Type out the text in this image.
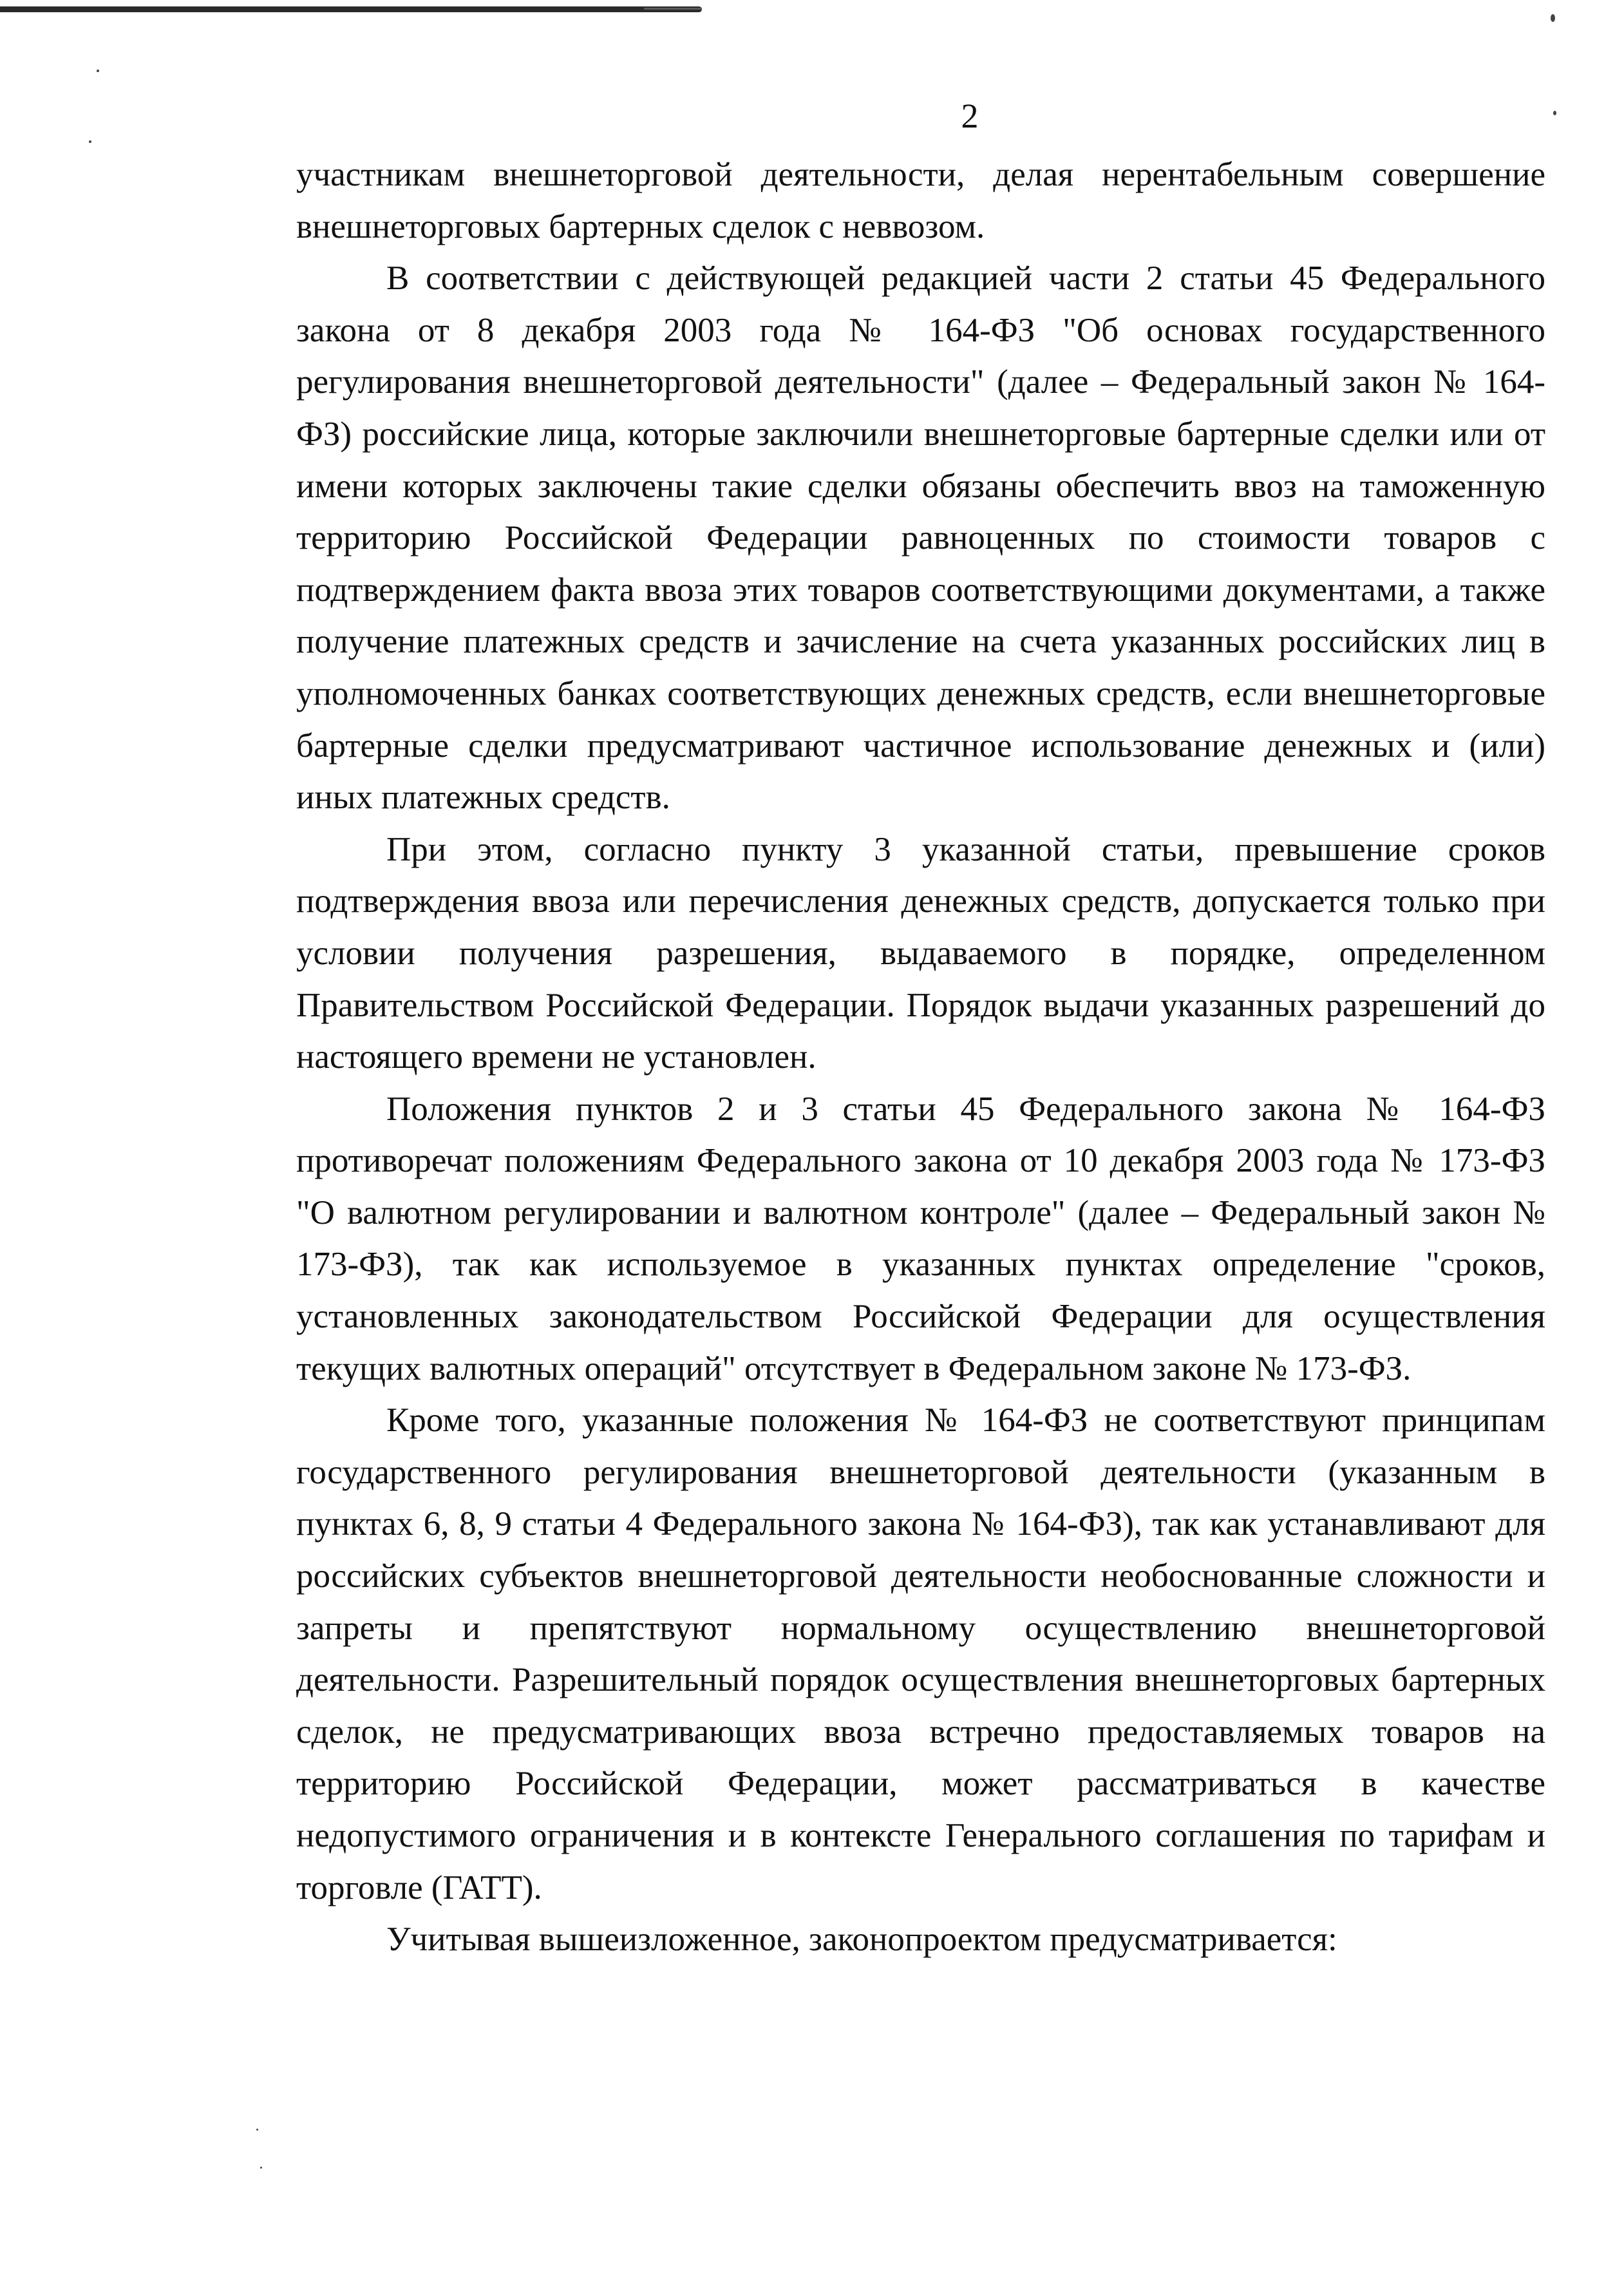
2

участникам внешнеторговой деятельности, делая нерентабельным совершение внешнеторговых бартерных сделок с неввозом.

В соответствии с действующей редакцией части 2 статьи 45 Федерального закона от 8 декабря 2003 года № 164-ФЗ "Об основах государственного регулирования внешнеторговой деятельности" (далее – Федеральный закон № 164-ФЗ) российские лица, которые заключили внешнеторговые бартерные сделки или от имени которых заключены такие сделки обязаны обеспечить ввоз на таможенную территорию Российской Федерации равноценных по стоимости товаров с подтверждением факта ввоза этих товаров соответствующими документами, а также получение платежных средств и зачисление на счета указанных российских лиц в уполномоченных банках соответствующих денежных средств, если внешнеторговые бартерные сделки предусматривают частичное использование денежных и (или) иных платежных средств.

При этом, согласно пункту 3 указанной статьи, превышение сроков подтверждения ввоза или перечисления денежных средств, допускается только при условии получения разрешения, выдаваемого в порядке, определенном Правительством Российской Федерации. Порядок выдачи указанных разрешений до настоящего времени не установлен.

Положения пунктов 2 и 3 статьи 45 Федерального закона № 164-ФЗ противоречат положениям Федерального закона от 10 декабря 2003 года № 173-ФЗ "О валютном регулировании и валютном контроле" (далее – Федеральный закон № 173-ФЗ), так как используемое в указанных пунктах определение "сроков, установленных законодательством Российской Федерации для осуществления текущих валютных операций" отсутствует в Федеральном законе № 173-ФЗ.

Кроме того, указанные положения № 164-ФЗ не соответствуют принципам государственного регулирования внешнеторговой деятельности (указанным в пунктах 6, 8, 9 статьи 4 Федерального закона № 164-ФЗ), так как устанавливают для российских субъектов внешнеторговой деятельности необоснованные сложности и запреты и препятствуют нормальному осуществлению внешнеторговой деятельности. Разрешительный порядок осуществления внешнеторговых бартерных сделок, не предусматривающих ввоза встречно предоставляемых товаров на территорию Российской Федерации, может рассматриваться в качестве недопустимого ограничения и в контексте Генерального соглашения по тарифам и торговле (ГАТТ).

Учитывая вышеизложенное, законопроектом предусматривается:
